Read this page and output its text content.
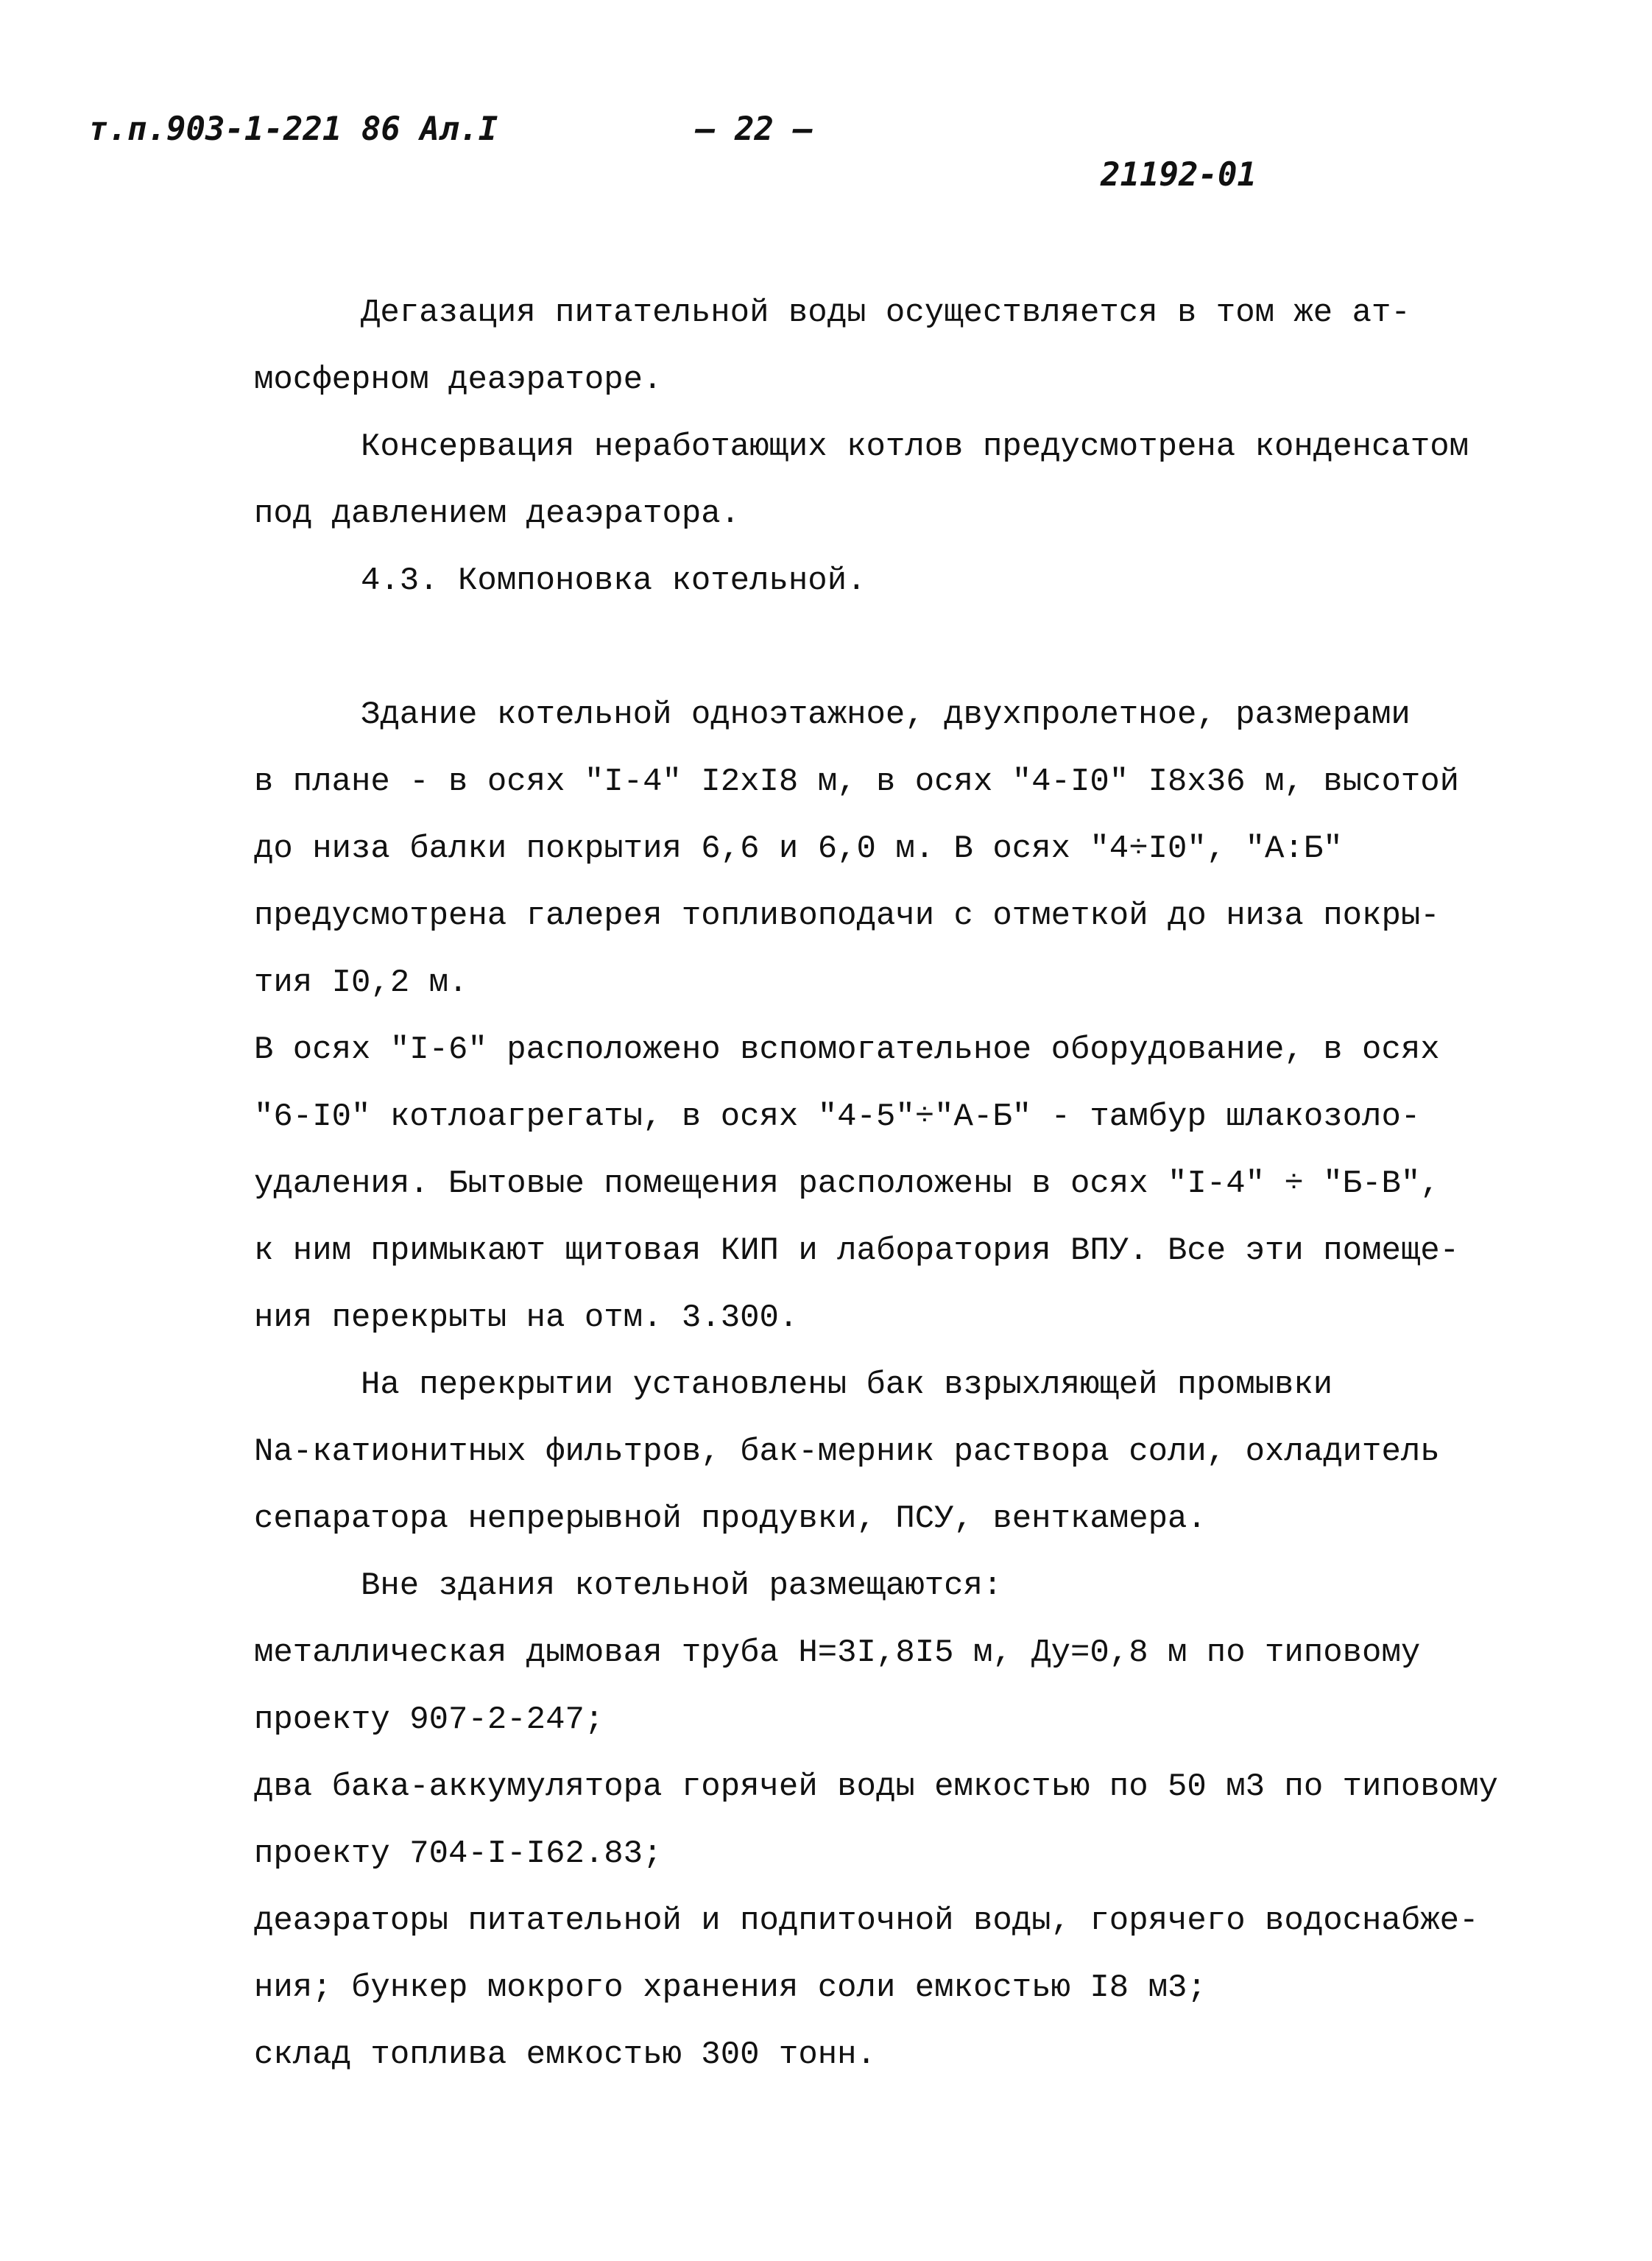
т.п.903-1-221 86 Ал.I	— 22 —
21192-01
Дегазация питательной воды осуществляется в том же ат-
мосферном деаэраторе.
Консервация неработающих котлов предусмотрена конденсатом
под давлением деаэратора.
4.3. Компоновка котельной.
Здание котельной одноэтажное, двухпролетное, размерами
в плане - в осях "I-4" I2xI8 м, в осях "4-I0" I8x36 м, высотой
до низа балки покрытия 6,6 и 6,0 м. В осях "4÷I0", "А:Б"
предусмотрена галерея топливоподачи с отметкой до низа покры-
тия I0,2 м.
В осях "I-6" расположено вспомогательное оборудование, в осях
"6-I0" котлоагрегаты, в осях "4-5"÷"А-Б" - тамбур шлакозоло-
удаления. Бытовые помещения расположены в осях "I-4" ÷ "Б-В",
к ним примыкают щитовая КИП и лаборатория ВПУ. Все эти помеще-
ния перекрыты на отм. 3.300.
На перекрытии установлены бак взрыхляющей промывки
Na-катионитных фильтров, бак-мерник раствора соли, охладитель
сепаратора непрерывной продувки, ПСУ, венткамера.
Вне здания котельной размещаются:
металлическая дымовая труба Н=3I,8I5 м, Ду=0,8 м по типовому
проекту 907-2-247;
два бака-аккумулятора горячей воды емкостью по 50 м3 по типовому
проекту 704-I-I62.83;
деаэраторы питательной и подпиточной воды, горячего водоснабже-
ния; бункер мокрого хранения соли емкостью I8 м3;
склад топлива емкостью 300 тонн.
